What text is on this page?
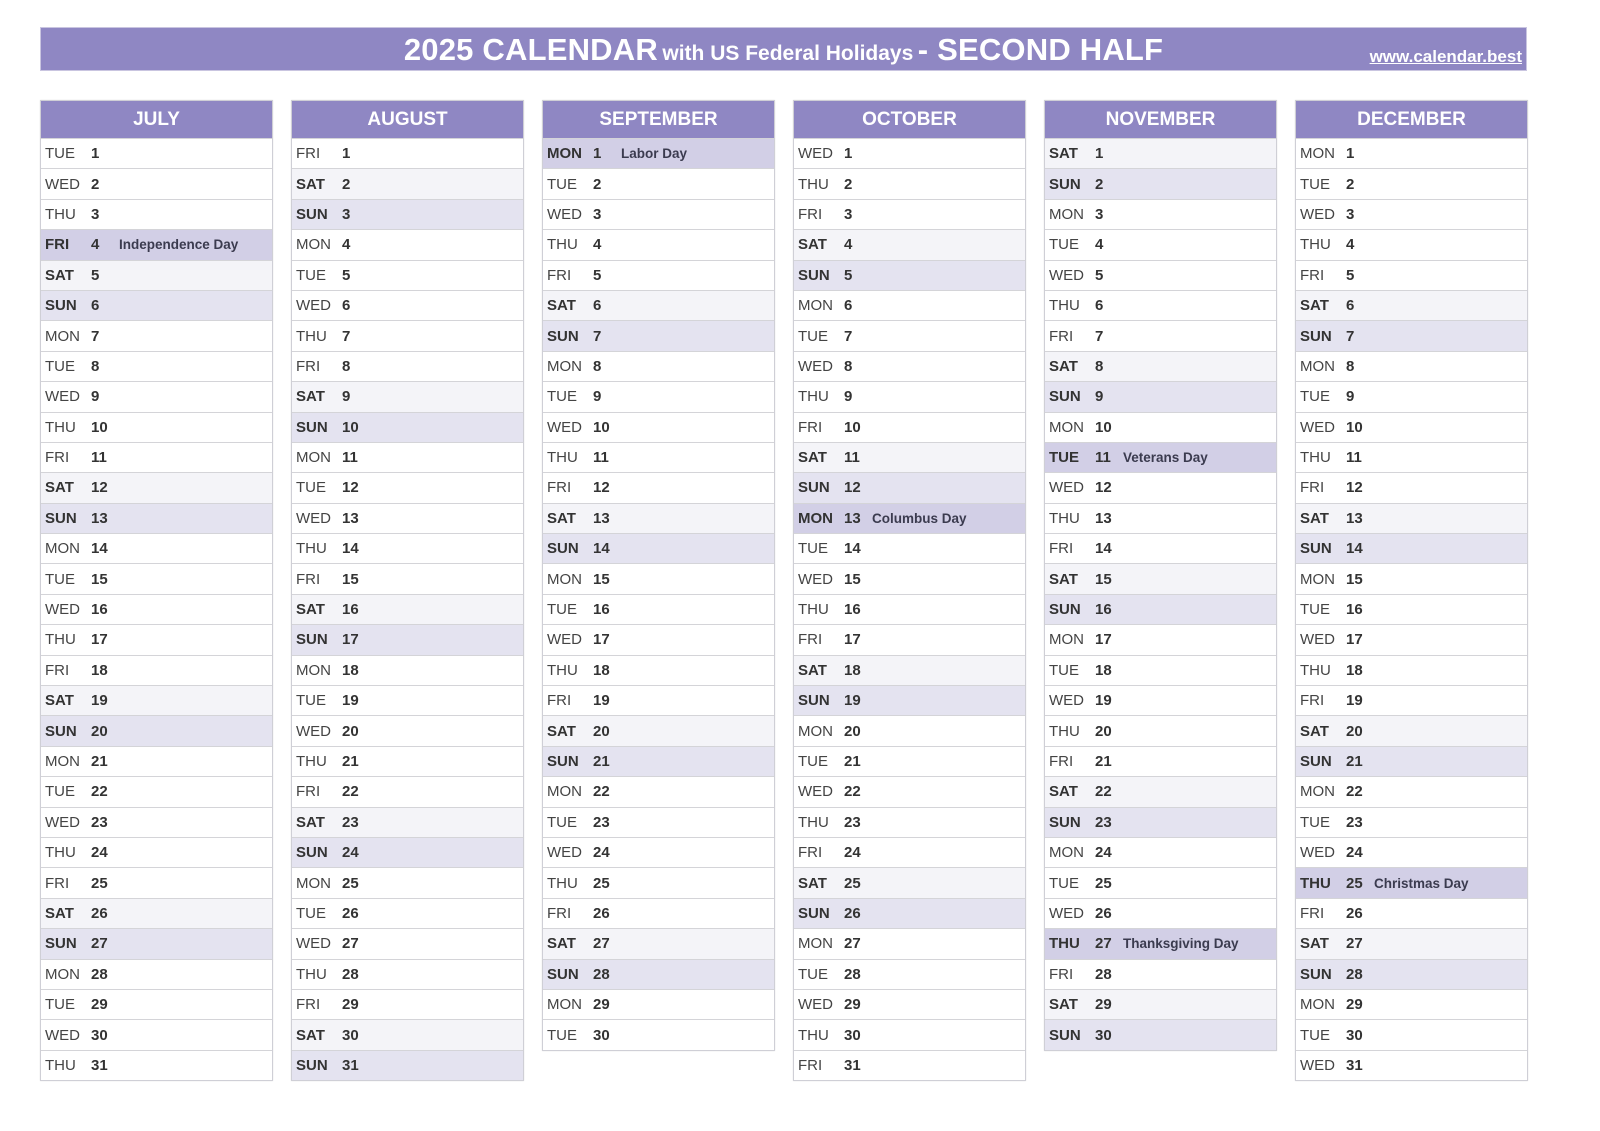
2025 CALENDAR with US Federal Holidays - SECOND HALF	www.calendar.best
JULY
TUE	1
WED 2
THU	3
FRI	4	Independence Day
SAT	5
SUN 6
MON 7
TUE	8
WED 9
THU	10
FRI	11
SAT	12
SUN 13
MON 14
TUE	15
WED 16
THU	17
FRI	18
SAT	19
SUN 20
MON 21
TUE	22
WED 23
THU	24
FRI	25
SAT	26
SUN 27
MON 28
TUE	29
WED 30
THU	31
AUGUST
FRI	1
SAT	2
SUN 3
MON 4
TUE	5
WED 6
THU	7
FRI	8
SAT	9
SUN 10
MON 11
TUE	12
WED 13
THU	14
FRI	15
SAT	16
SUN 17
MON 18
TUE	19
WED 20
THU	21
FRI	22
SAT	23
SUN 24
MON 25
TUE	26
WED 27
THU	28
FRI	29
SAT	30
SUN 31
SEPTEMBER
MON 1	Labor Day
TUE	2
WED 3
THU	4
FRI	5
SAT	6
SUN 7
MON 8
TUE	9
WED 10
THU	11
FRI	12
SAT	13
SUN 14
MON 15
TUE	16
WED 17
THU	18
FRI	19
SAT	20
SUN 21
MON 22
TUE	23
WED 24
THU	25
FRI	26
SAT	27
SUN 28
MON 29
TUE	30
OCTOBER
WED 1
THU	2
FRI	3
SAT	4
SUN 5
MON 6
TUE	7
WED 8
THU	9
FRI	10
SAT	11
SUN 12
MON 13 Columbus Day
TUE	14
WED 15
THU	16
FRI	17
SAT	18
SUN 19
MON 20
TUE	21
WED 22
THU	23
FRI	24
SAT	25
SUN 26
MON 27
TUE	28
WED 29
THU	30
FRI	31
NOVEMBER
SAT	1
SUN 2
MON 3
TUE	4
WED 5
THU	6
FRI	7
SAT	8
SUN 9
MON 10
TUE	11 Veterans Day
WED 12
THU	13
FRI	14
SAT	15
SUN 16
MON 17
TUE	18
WED 19
THU	20
FRI	21
SAT	22
SUN 23
MON 24
TUE	25
WED 26
THU	27 Thanksgiving Day
FRI	28
SAT	29
SUN 30
DECEMBER
MON 1
TUE	2
WED 3
THU	4
FRI	5
SAT	6
SUN 7
MON 8
TUE	9
WED 10
THU	11
FRI	12
SAT	13
SUN 14
MON 15
TUE	16
WED 17
THU	18
FRI	19
SAT	20
SUN 21
MON 22
TUE	23
WED 24
THU	25 Christmas Day
FRI	26
SAT	27
SUN 28
MON 29
TUE	30
WED 31
